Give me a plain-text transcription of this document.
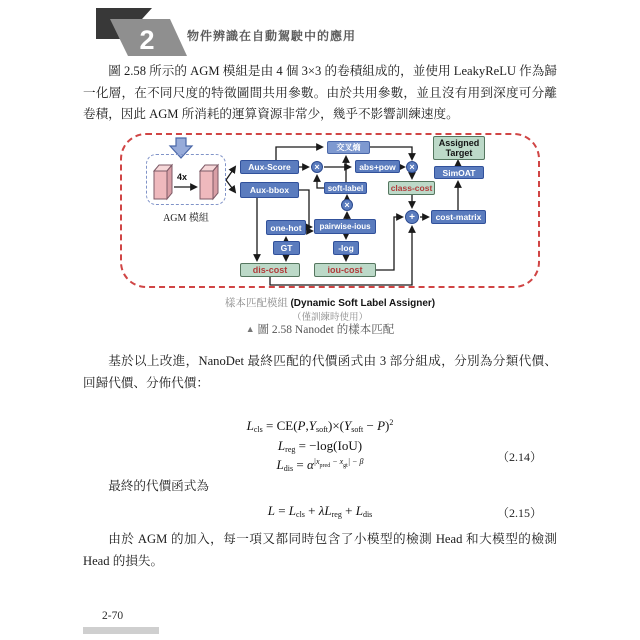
2	物件辨識在自動駕駛中的應用
圖 2.58 所示的 AGM 模組是由 4 個 3×3 的卷積組成的，並使用 LeakyReLU 作為歸一化層，在不同尺度的特徵圖間共用參數。由於共用參數，並且沒有用到深度可分離卷積，因此 AGM 所消耗的運算資源非常少，幾乎不影響訓練速度。
4x
AGM 模組
Aux-Score
Aux-bbox
交叉熵
soft-label
abs+pow
class-cost
one-hot	pairwise-ious
GT	-log
dis-cost	iou-cost
cost-matrix
SimOAT
Assigned
Target
×	×
×
+
樣本匹配模組 (Dynamic Soft Label Assigner)
（僅訓練時使用）
▲ 圖 2.58 Nanodet 的樣本匹配
基於以上改進，NanoDet 最終匹配的代價函式由 3 部分組成，分別為分類代價、回歸代價、分佈代價：
Lcls = CE(P,Ysoft)×(Ysoft − P)$^2$
Lreg = −log(IoU)
Ldis = $\alpha^{|x}pred$ $^{- x}gt^{| - \beta}$	（2.14）
最終的代價函式為
L = Lcls + λLreg + Ldis	（2.15）
由於 AGM 的加入，每一項又都同時包含了小模型的檢測 Head 和大模型的檢測 Head 的損失。
2-70
